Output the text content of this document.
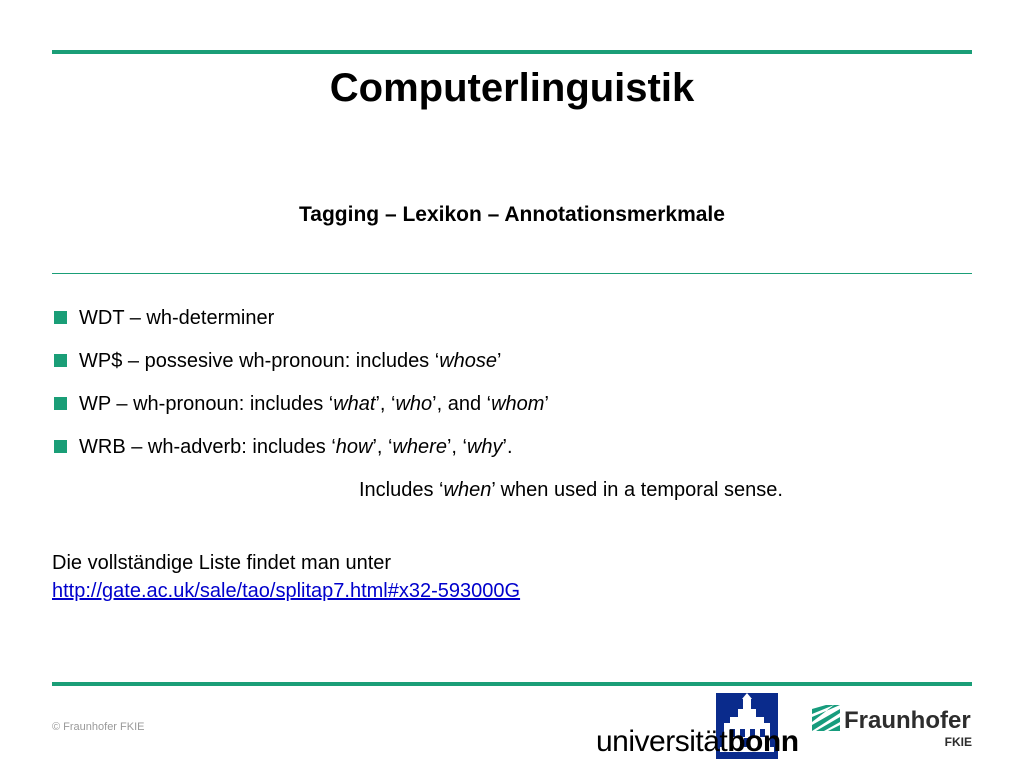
Computerlinguistik
Tagging – Lexikon – Annotationsmerkmale
WDT – wh-determiner
WP$ – possesive wh-pronoun: includes ‘whose’
WP – wh-pronoun: includes ‘what’, ‘who’, and ‘whom’
WRB – wh-adverb: includes ‘how’, ‘where’, ‘why’.
Includes ‘when’ when used in a temporal sense.
Die vollständige Liste findet man unter
http://gate.ac.uk/sale/tao/splitap7.html#x32-593000G
© Fraunhofer FKIE	universitätbonn
Fraunhofer
FKIE
